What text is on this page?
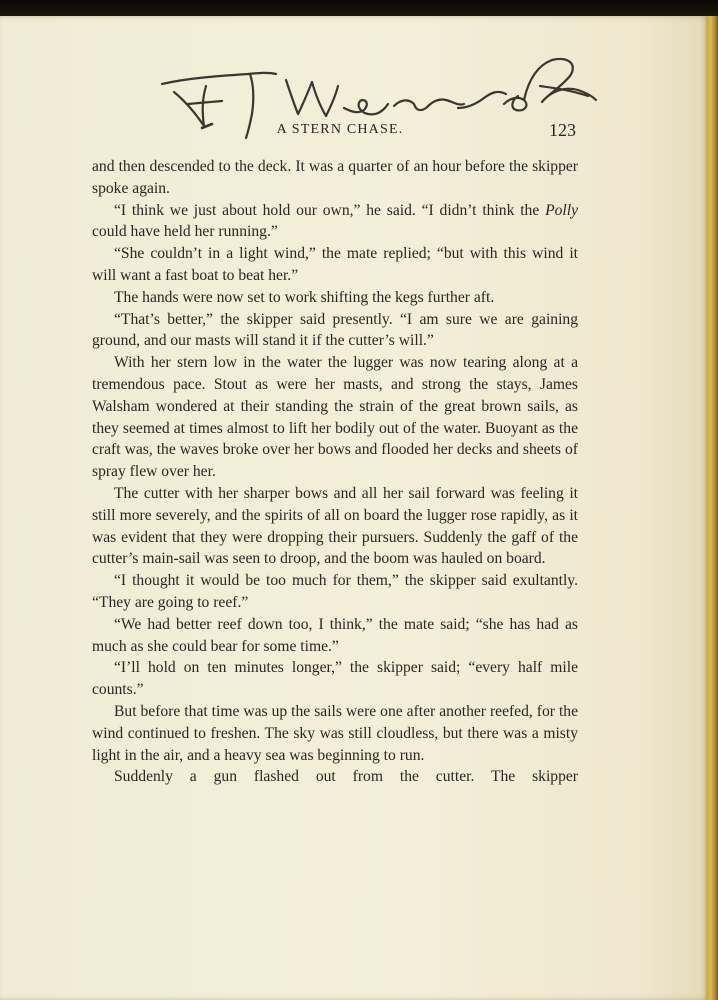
A STERN CHASE.	123

and then descended to the deck. It was a quarter of an hour before the skipper spoke again.

“I think we just about hold our own,” he said. “I didn’t think the Polly could have held her running.”

“She couldn’t in a light wind,” the mate replied; “but with this wind it will want a fast boat to beat her.”

The hands were now set to work shifting the kegs further aft.

“That’s better,” the skipper said presently. “I am sure we are gaining ground, and our masts will stand it if the cutter’s will.”

With her stern low in the water the lugger was now tearing along at a tremendous pace. Stout as were her masts, and strong the stays, James Walsham wondered at their standing the strain of the great brown sails, as they seemed at times almost to lift her bodily out of the water. Buoyant as the craft was, the waves broke over her bows and flooded her decks and sheets of spray flew over her.

The cutter with her sharper bows and all her sail forward was feeling it still more severely, and the spirits of all on board the lugger rose rapidly, as it was evident that they were dropping their pursuers. Suddenly the gaff of the cutter’s main-sail was seen to droop, and the boom was hauled on board.

“I thought it would be too much for them,” the skipper said exultantly. “They are going to reef.”

“We had better reef down too, I think,” the mate said; “she has had as much as she could bear for some time.”

“I’ll hold on ten minutes longer,” the skipper said; “every half mile counts.”

But before that time was up the sails were one after another reefed, for the wind continued to freshen. The sky was still cloudless, but there was a misty light in the air, and a heavy sea was beginning to run.

Suddenly a gun flashed out from the cutter. The skipper
